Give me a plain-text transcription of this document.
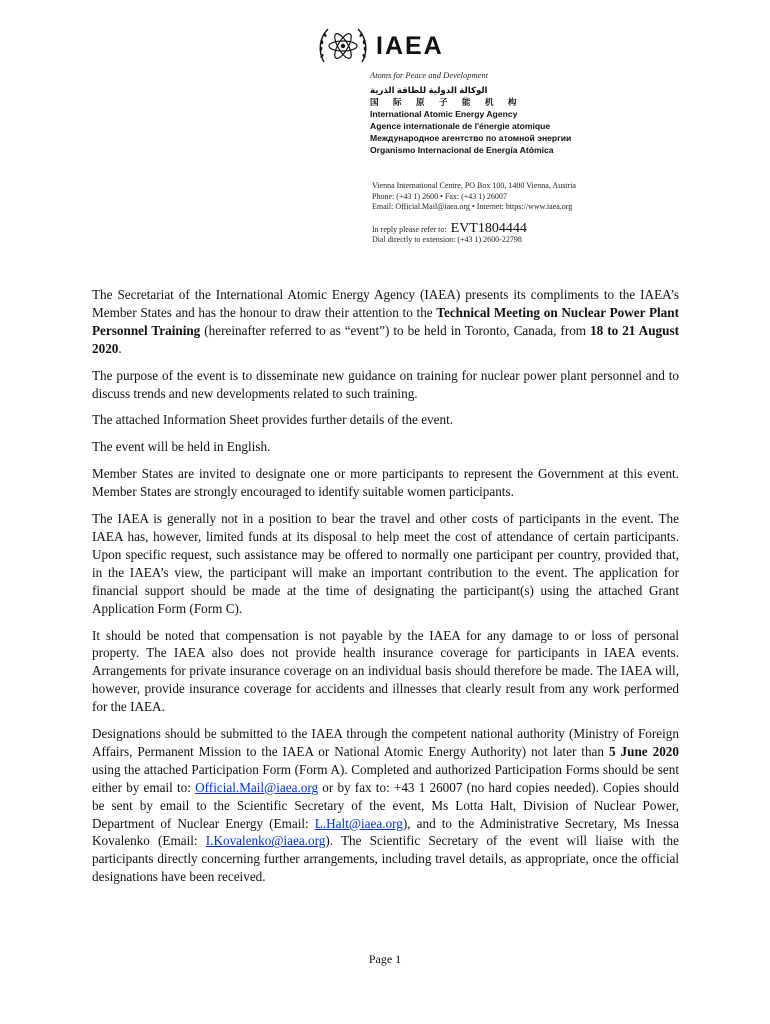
IAEA
Atoms for Peace and Development
الوكالة الدولية للطاقة الذرية
国 际 原 子 能 机 构
International Atomic Energy Agency
Agence internationale de l'énergie atomique
Международное агентство по атомной энергии
Organismo Internacional de Energía Atómica
Vienna International Centre, PO Box 100, 1400 Vienna, Austria
Phone: (+43 1) 2600 • Fax: (+43 1) 26007
Email: Official.Mail@iaea.org • Internet: https://www.iaea.org
In reply please refer to: EVT1804444
Dial directly to extension: (+43 1) 2600-22798

The Secretariat of the International Atomic Energy Agency (IAEA) presents its compliments to the IAEA’s Member States and has the honour to draw their attention to the Technical Meeting on Nuclear Power Plant Personnel Training (hereinafter referred to as “event”) to be held in Toronto, Canada, from 18 to 21 August 2020.

The purpose of the event is to disseminate new guidance on training for nuclear power plant personnel and to discuss trends and new developments related to such training.

The attached Information Sheet provides further details of the event.

The event will be held in English.

Member States are invited to designate one or more participants to represent the Government at this event. Member States are strongly encouraged to identify suitable women participants.

The IAEA is generally not in a position to bear the travel and other costs of participants in the event. The IAEA has, however, limited funds at its disposal to help meet the cost of attendance of certain participants. Upon specific request, such assistance may be offered to normally one participant per country, provided that, in the IAEA’s view, the participant will make an important contribution to the event. The application for financial support should be made at the time of designating the participant(s) using the attached Grant Application Form (Form C).

It should be noted that compensation is not payable by the IAEA for any damage to or loss of personal property. The IAEA also does not provide health insurance coverage for participants in IAEA events. Arrangements for private insurance coverage on an individual basis should therefore be made. The IAEA will, however, provide insurance coverage for accidents and illnesses that clearly result from any work performed for the IAEA.

Designations should be submitted to the IAEA through the competent national authority (Ministry of Foreign Affairs, Permanent Mission to the IAEA or National Atomic Energy Authority) not later than 5 June 2020 using the attached Participation Form (Form A). Completed and authorized Participation Forms should be sent either by email to: Official.Mail@iaea.org or by fax to: +43 1 26007 (no hard copies needed). Copies should be sent by email to the Scientific Secretary of the event, Ms Lotta Halt, Division of Nuclear Power, Department of Nuclear Energy (Email: L.Halt@iaea.org), and to the Administrative Secretary, Ms Inessa Kovalenko (Email: I.Kovalenko@iaea.org). The Scientific Secretary of the event will liaise with the participants directly concerning further arrangements, including travel details, as appropriate, once the official designations have been received.

Page 1
